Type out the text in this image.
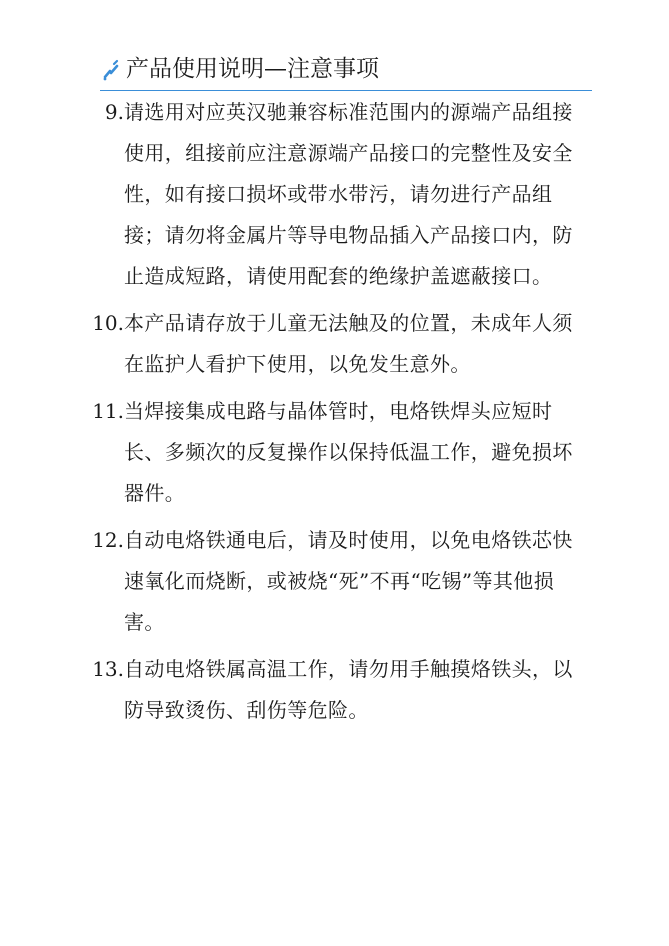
产品使用说明—注意事项
9. 请选用对应英汉驰兼容标准范围内的源端产品组接使用，组接前应注意源端产品接口的完整性及安全性，如有接口损坏或带水带污，请勿进行产品组接；请勿将金属片等导电物品插入产品接口内，防止造成短路，请使用配套的绝缘护盖遮蔽接口。
10. 本产品请存放于儿童无法触及的位置，未成年人须在监护人看护下使用，以免发生意外。
11. 当焊接集成电路与晶体管时，电烙铁焊头应短时长、多频次的反复操作以保持低温工作，避免损坏器件。
12. 自动电烙铁通电后，请及时使用，以免电烙铁芯快速氧化而烧断，或被烧“死”不再“吃锡”等其他损害。
13. 自动电烙铁属高温工作，请勿用手触摸烙铁头，以防导致烫伤、刮伤等危险。
